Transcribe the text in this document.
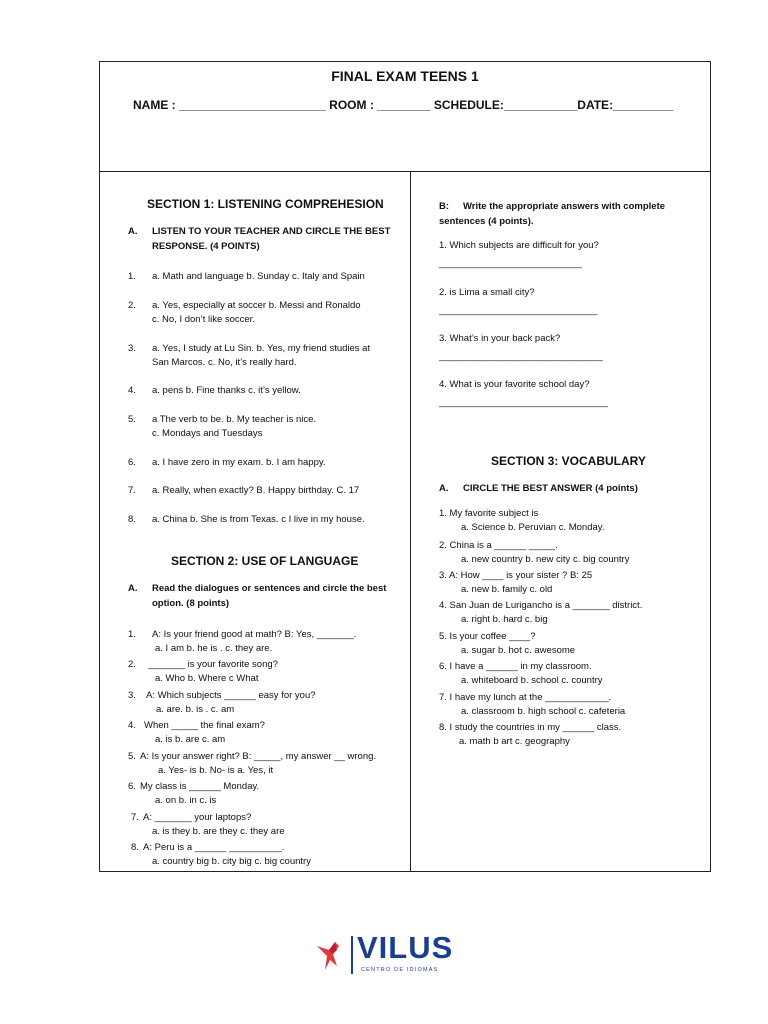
FINAL EXAM TEENS 1
NAME : ______________________ ROOM : ________ SCHEDULE:___________DATE:_________
SECTION 1: LISTENING COMPREHESION
A. LISTEN TO YOUR TEACHER AND CIRCLE THE BEST
RESPONSE. (4 POINTS)
1. a. Math and language b. Sunday c. Italy and Spain
2. a. Yes, especially at soccer b. Messi and Ronaldo
c. No, I don’t like soccer.
3. a. Yes, I study at Lu Sin. b. Yes, my friend studies at
San Marcos. c. No, it’s really hard.
4. a. pens b. Fine thanks c. it’s yellow.
5. a The verb to be. b. My teacher is nice.
c. Mondays and Tuesdays
6. a. I have zero in my exam. b. I am happy.
7. a. Really, when exactly? B. Happy birthday. C. 17
8. a. China b. She is from Texas. c I live in my house.
SECTION 2: USE OF LANGUAGE
A. Read the dialogues or sentences and circle the best
option. (8 points)
1. A: Is your friend good at math? B: Yes, _______.
a. I am b. he is . c. they are.
2. _______ is your favorite song?
a. Who b. Where c What
3. A: Which subjects ______ easy for you?
a. are. b. is . c. am
4. When _____ the final exam?
a. is b. are c. am
5. A: Is your answer right? B: _____, my answer __ wrong.
a. Yes- is b. No- is a. Yes, it
6. My class is ______ Monday.
a. on b. in c. is
7. A: _______ your laptops?
a. is they b. are they c. they are
8. A: Peru is a ______ __________.
a. country big b. city big c. big country
B:	Write the appropriate answers with complete
sentences (4 points).
1. Which subjects are difficult for you?
___________________________
2. is Lima a small city?
______________________________
3. What’s in your back pack?
_______________________________
4. What is your favorite school day?
________________________________
SECTION 3: VOCABULARY
A. CIRCLE THE BEST ANSWER (4 points)
1. My favorite subject is
a. Science b. Peruvian c. Monday.
2. China is a ______ _____.
a. new country b. new city c. big country
3. A: How ____ is your sister ? B: 25
a. new b. family c. old
4. San Juan de Lurigancho is a _______ district.
a. right b. hard c. big
5. Is your coffee ____?
a. sugar b. hot c. awesome
6. I have a ______ in my classroom.
a. whiteboard b. school c. country
7. I have my lunch at the ____________.
a. classroom b. high school c. cafeteria
8. I study the countries in my ______ class.
a. math b art c. geography
VILUS
CENTRO DE IDIOMAS
